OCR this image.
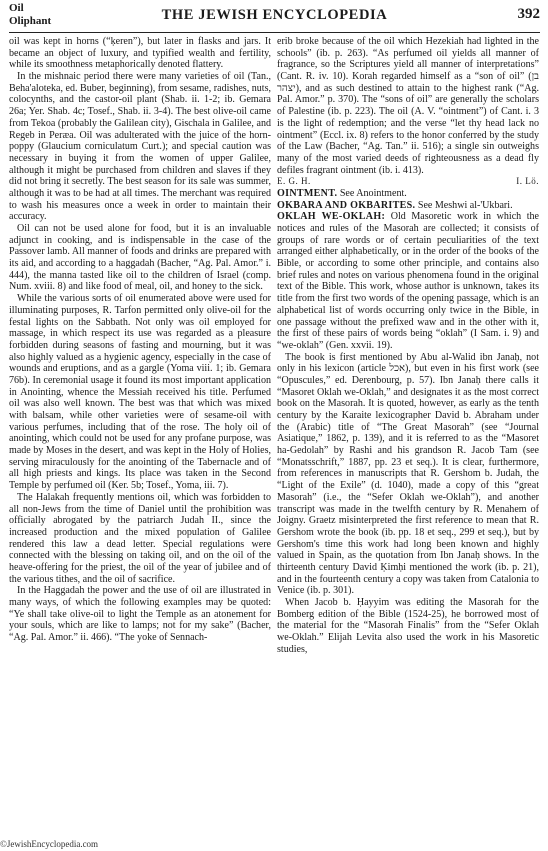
Oil
Oliphant	THE JEWISH ENCYCLOPEDIA	392

oil was kept in horns (“ḳeren”), but later in flasks and jars. It became an object of luxury, and typified wealth and fertility, while its smoothness metaphorically denoted flattery.

In the mishnaic period there were many varieties of oil (Tan., Beha'aloteka, ed. Buber, beginning), from sesame, radishes, nuts, colocynths, and the castor-oil plant (Shab. ii. 1-2; ib. Gemara 26a; Yer. Shab. 4c; Tosef., Shab. ii. 3-4). The best olive-oil came from Tekoa (probably the Galilean city), Gischala in Galilee, and Regeb in Peræa. Oil was adulterated with the juice of the horn-poppy (Glaucium corniculatum Curt.); and special caution was necessary in buying it from the women of upper Galilee, although it might be purchased from children and slaves if they did not bring it secretly. The best season for its sale was summer, although it was to be had at all times. The merchant was required to wash his measures once a week in order to maintain their accuracy.

Oil can not be used alone for food, but it is an invaluable adjunct in cooking, and is indispensable in the case of the Passover lamb. All manner of foods and drinks are prepared with its aid, and according to a haggadah (Bacher, “Ag. Pal. Amor.” i. 444), the manna tasted like oil to the children of Israel (comp. Num. xviii. 8) and like food of meal, oil, and honey to the sick.

While the various sorts of oil enumerated above were used for illuminating purposes, R. Tarfon permitted only olive-oil for the festal lights on the Sabbath. Not only was oil employed for massage, in which respect its use was regarded as a pleasure forbidden during seasons of fasting and mourning, but it was also highly valued as a hygienic agency, especially in the case of wounds and eruptions, and as a gargle (Yoma viii. 1; ib. Gemara 76b). In ceremonial usage it found its most important application in Anointing, whence the Messiah received his title. Perfumed oil was also well known. The best was that which was mixed with balsam, while other varieties were of sesame-oil with various perfumes, including that of the rose. The holy oil of anointing, which could not be used for any profane purpose, was made by Moses in the desert, and was kept in the Holy of Holies, serving miraculously for the anointing of the Tabernacle and of all high priests and kings. Its place was taken in the Second Temple by perfumed oil (Ker. 5b; Tosef., Yoma, iii. 7).

The Halakah frequently mentions oil, which was forbidden to all non-Jews from the time of Daniel until the prohibition was officially abrogated by the patriarch Judah II., since the increased production and the mixed population of Galilee rendered this law a dead letter. Special regulations were connected with the blessing on taking oil, and on the oil of the heave-offering for the priest, the oil of the year of jubilee and of the various tithes, and the oil of sacrifice.

In the Haggadah the power and the use of oil are illustrated in many ways, of which the following examples may be quoted: “Ye shall take olive-oil to light the Temple as an atonement for your souls, which are like to lamps; not for my sake” (Bacher, “Ag. Pal. Amor.” ii. 466). “The yoke of Sennach-

erib broke because of the oil which Hezekiah had lighted in the schools” (ib. p. 263). “As perfumed oil yields all manner of fragrance, so the Scriptures yield all manner of interpretations” (Cant. R. iv. 10). Korah regarded himself as a “son of oil” (בן יצהר), and as such destined to attain to the highest rank (“Ag. Pal. Amor.” p. 370). The “sons of oil” are generally the scholars of Palestine (ib. p. 223). The oil (A. V. “ointment”) of Cant. i. 3 is the light of redemption; and the verse “let thy head lack no ointment” (Eccl. ix. 8) refers to the honor conferred by the study of the Law (Bacher, “Ag. Tan.” ii. 516); a single sin outweighs many of the most varied deeds of righteousness as a dead fly defiles fragrant ointment (ib. i. 413).

E. G. H.	I. Lö.

OINTMENT. See Anointment.

OKBARA AND OKBARITES. See Meshwi al-'Ukbari.

OKLAH WE-OKLAH: Old Masoretic work in which the notices and rules of the Masorah are collected; it consists of groups of rare words or of certain peculiarities of the text arranged either alphabetically, or in the order of the books of the Bible, or according to some other principle, and contains also brief rules and notes on various phenomena found in the original text of the Bible. This work, whose author is unknown, takes its title from the first two words of the opening passage, which is an alphabetical list of words occurring only twice in the Bible, in one passage without the prefixed waw and in the other with it, the first of these pairs of words being “oklah” (I Sam. i. 9) and “we-oklah” (Gen. xxvii. 19).

The book is first mentioned by Abu al-Walid ibn Janaḥ, not only in his lexicon (article אכל), but even in his first work (see “Opuscules,” ed. Derenbourg, p. 57). Ibn Janaḥ there calls it “Masoret Oklah we-Oklah,” and designates it as the most correct book on the Masorah. It is quoted, however, as early as the tenth century by the Karaite lexicographer David b. Abraham under the (Arabic) title of “The Great Masorah” (see “Journal Asiatique,” 1862, p. 139), and it is referred to as the “Masoret ha-Gedolah” by Rashi and his grandson R. Jacob Tam (see “Monatsschrift,” 1887, pp. 23 et seq.). It is clear, furthermore, from references in manuscripts that R. Gershom b. Judah, the “Light of the Exile” (d. 1040), made a copy of this “great Masorah” (i.e., the “Sefer Oklah we-Oklah”), and another transcript was made in the twelfth century by R. Menahem of Joigny. Graetz misinterpreted the first reference to mean that R. Gershom wrote the book (ib. pp. 18 et seq., 299 et seq.), but by Gershom's time this work had long been known and highly valued in Spain, as the quotation from Ibn Janaḥ shows. In the thirteenth century David Ḳimḥi mentioned the work (ib. p. 21), and in the fourteenth century a copy was taken from Catalonia to Venice (ib. p. 301).

When Jacob b. Ḥayyim was editing the Masorah for the Bomberg edition of the Bible (1524-25), he borrowed most of the material for the “Masorah Finalis” from the “Sefer Oklah we-Oklah.” Elijah Levita also used the work in his Masoretic studies,

©JewishEncyclopedia.com
